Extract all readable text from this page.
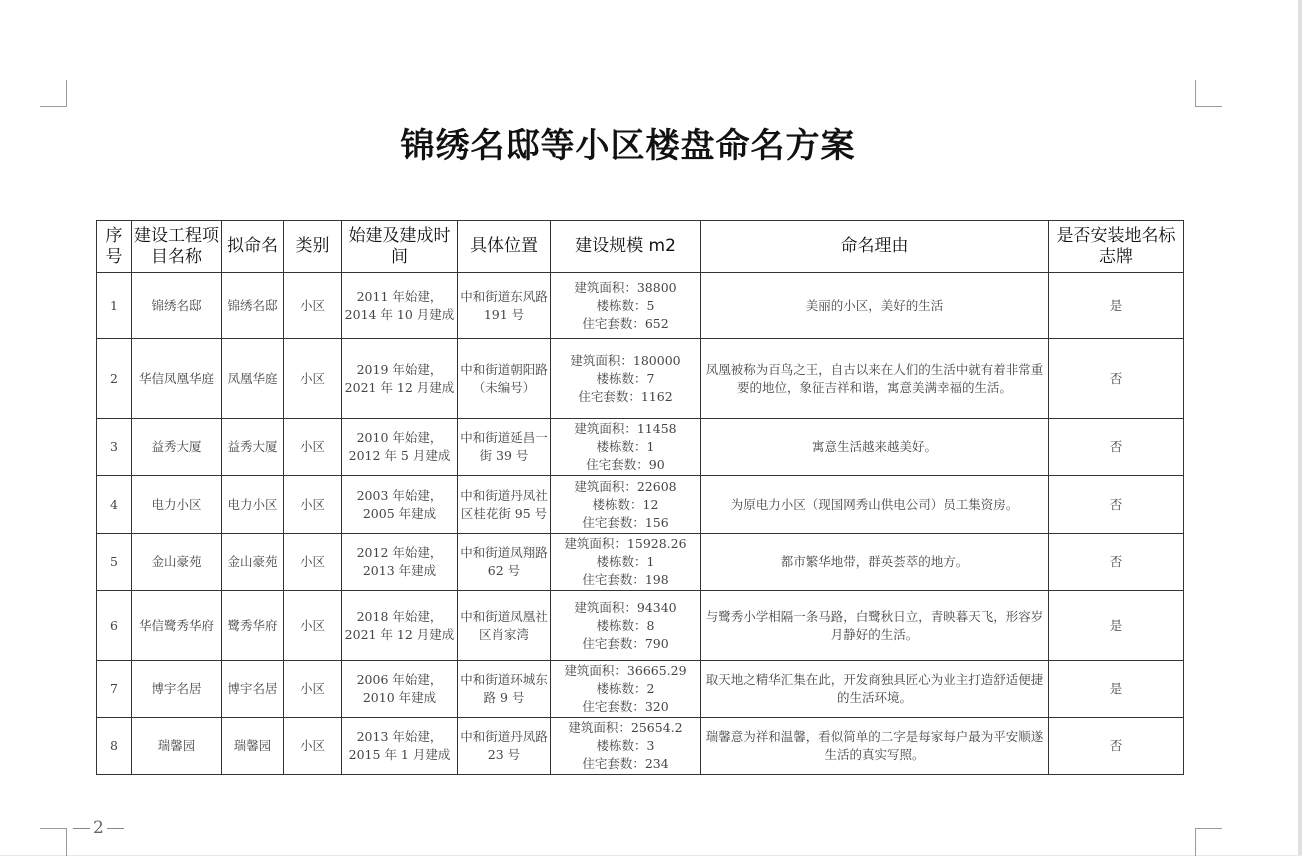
锦绣名邸等小区楼盘命名方案
序号	建设工程项目名称	拟命名	类别	始建及建成时间	具体位置	建设规模 m2	命名理由	是否安装地名标志牌
1	锦绣名邸	锦绣名邸	小区	2011 年始建，2014 年 10 月建成	中和街道东风路 191 号	建筑面积：38800
楼栋数：5
住宅套数：652	美丽的小区，美好的生活	是
2	华信凤凰华庭	凤凰华庭	小区	2019 年始建，2021 年 12 月建成	中和街道朝阳路（未编号）	建筑面积：180000
楼栋数：7
住宅套数：1162	凤凰被称为百鸟之王，自古以来在人们的生活中就有着非常重要的地位，象征吉祥和谐，寓意美满幸福的生活。	否
3	益秀大厦	益秀大厦	小区	2010 年始建，2012 年 5 月建成	中和街道延昌一街 39 号	建筑面积：11458
楼栋数：1
住宅套数：90	寓意生活越来越美好。	否
4	电力小区	电力小区	小区	2003 年始建，2005 年建成	中和街道丹凤社区桂花街 95 号	建筑面积：22608
楼栋数：12
住宅套数：156	为原电力小区（现国网秀山供电公司）员工集资房。	否
5	金山豪苑	金山豪苑	小区	2012 年始建，2013 年建成	中和街道凤翔路 62 号	建筑面积：15928.26
楼栋数：1
住宅套数：198	都市繁华地带，群英荟萃的地方。	否
6	华信鹭秀华府	鹭秀华府	小区	2018 年始建，2021 年 12 月建成	中和街道凤凰社区肖家湾	建筑面积：94340
楼栋数：8
住宅套数：790	与鹭秀小学相隔一条马路，白鹭秋日立，青映暮天飞，形容岁月静好的生活。	是
7	博宇名居	博宇名居	小区	2006 年始建，2010 年建成	中和街道环城东路 9 号	建筑面积：36665.29
楼栋数：2
住宅套数：320	取天地之精华汇集在此，开发商独具匠心为业主打造舒适便捷的生活环境。	是
8	瑞馨园	瑞馨园	小区	2013 年始建，2015 年 1 月建成	中和街道丹凤路 23 号	建筑面积：25654.2
楼栋数：3
住宅套数：234	瑞馨意为祥和温馨，看似简单的二字是每家每户最为平安顺遂生活的真实写照。	否
2
